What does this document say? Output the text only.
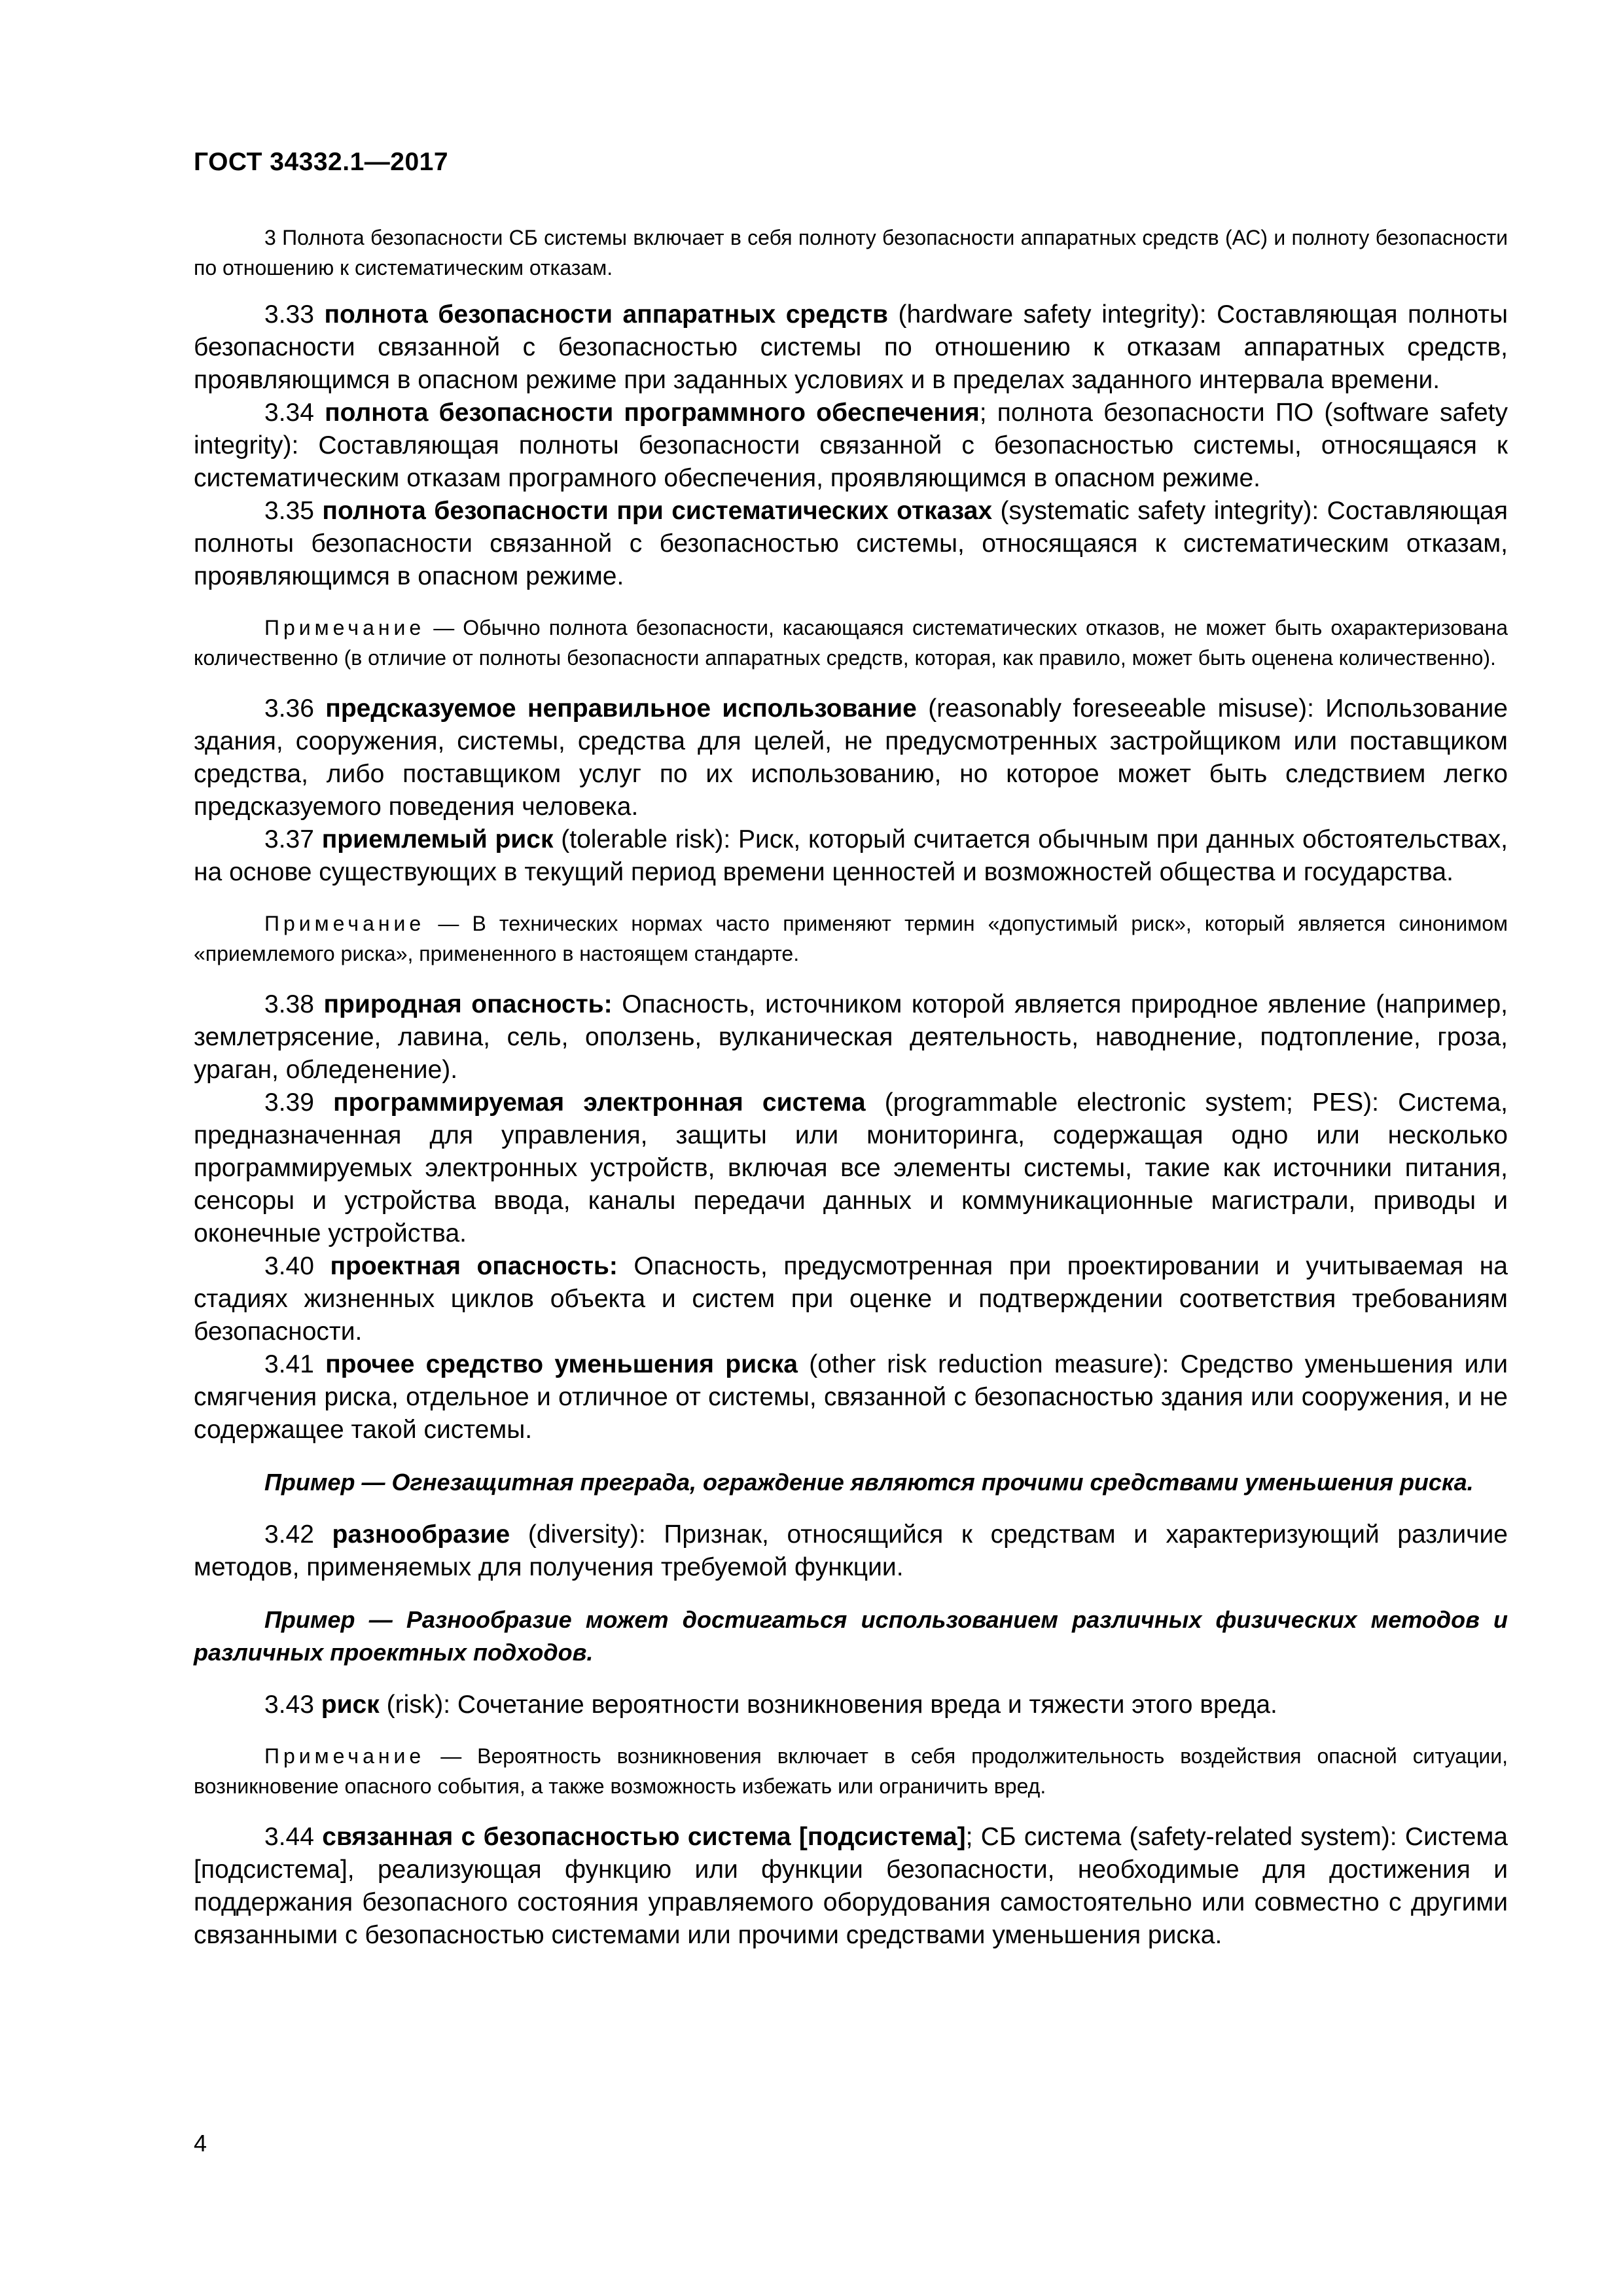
ГОСТ 34332.1—2017

3 Полнота безопасности СБ системы включает в себя полноту безопасности аппаратных средств (АС) и полноту безопасности по отношению к систематическим отказам.

3.33 полнота безопасности аппаратных средств (hardware safety integrity): Составляющая полноты безопасности связанной с безопасностью системы по отношению к отказам аппаратных средств, проявляющимся в опасном режиме при заданных условиях и в пределах заданного интервала времени.

3.34 полнота безопасности программного обеспечения; полнота безопасности ПО (software safety integrity): Составляющая полноты безопасности связанной с безопасностью системы, относящаяся к систематическим отказам програмного обеспечения, проявляющимся в опасном режиме.

3.35 полнота безопасности при систематических отказах (systematic safety integrity): Составляющая полноты безопасности связанной с безопасностью системы, относящаяся к систематическим отказам, проявляющимся в опасном режиме.

Примечание — Обычно полнота безопасности, касающаяся систематических отказов, не может быть охарактеризована количественно (в отличие от полноты безопасности аппаратных средств, которая, как правило, может быть оценена количественно).

3.36 предсказуемое неправильное использование (reasonably foreseeable misuse): Использование здания, сооружения, системы, средства для целей, не предусмотренных застройщиком или поставщиком средства, либо поставщиком услуг по их использованию, но которое может быть следствием легко предсказуемого поведения человека.

3.37 приемлемый риск (tolerable risk): Риск, который считается обычным при данных обстоятельствах, на основе существующих в текущий период времени ценностей и возможностей общества и государства.

Примечание — В технических нормах часто применяют термин «допустимый риск», который является синонимом «приемлемого риска», примененного в настоящем стандарте.

3.38 природная опасность: Опасность, источником которой является природное явление (например, землетрясение, лавина, сель, оползень, вулканическая деятельность, наводнение, подтопление, гроза, ураган, обледенение).

3.39 программируемая электронная система (programmable electronic system; PES): Система, предназначенная для управления, защиты или мониторинга, содержащая одно или несколько программируемых электронных устройств, включая все элементы системы, такие как источники питания, сенсоры и устройства ввода, каналы передачи данных и коммуникационные магистрали, приводы и оконечные устройства.

3.40 проектная опасность: Опасность, предусмотренная при проектировании и учитываемая на стадиях жизненных циклов объекта и систем при оценке и подтверждении соответствия требованиям безопасности.

3.41 прочее средство уменьшения риска (other risk reduction measure): Средство уменьшения или смягчения риска, отдельное и отличное от системы, связанной с безопасностью здания или сооружения, и не содержащее такой системы.

Пример — Огнезащитная преграда, ограждение являются прочими средствами уменьшения риска.

3.42 разнообразие (diversity): Признак, относящийся к средствам и характеризующий различие методов, применяемых для получения требуемой функции.

Пример — Разнообразие может достигаться использованием различных физических методов и различных проектных подходов.

3.43 риск (risk): Сочетание вероятности возникновения вреда и тяжести этого вреда.

Примечание — Вероятность возникновения включает в себя продолжительность воздействия опасной ситуации, возникновение опасного события, а также возможность избежать или ограничить вред.

3.44 связанная с безопасностью система [подсистема]; СБ система (safety-related system): Система [подсистема], реализующая функцию или функции безопасности, необходимые для достижения и поддержания безопасного состояния управляемого оборудования самостоятельно или совместно с другими связанными с безопасностью системами или прочими средствами уменьшения риска.

4
